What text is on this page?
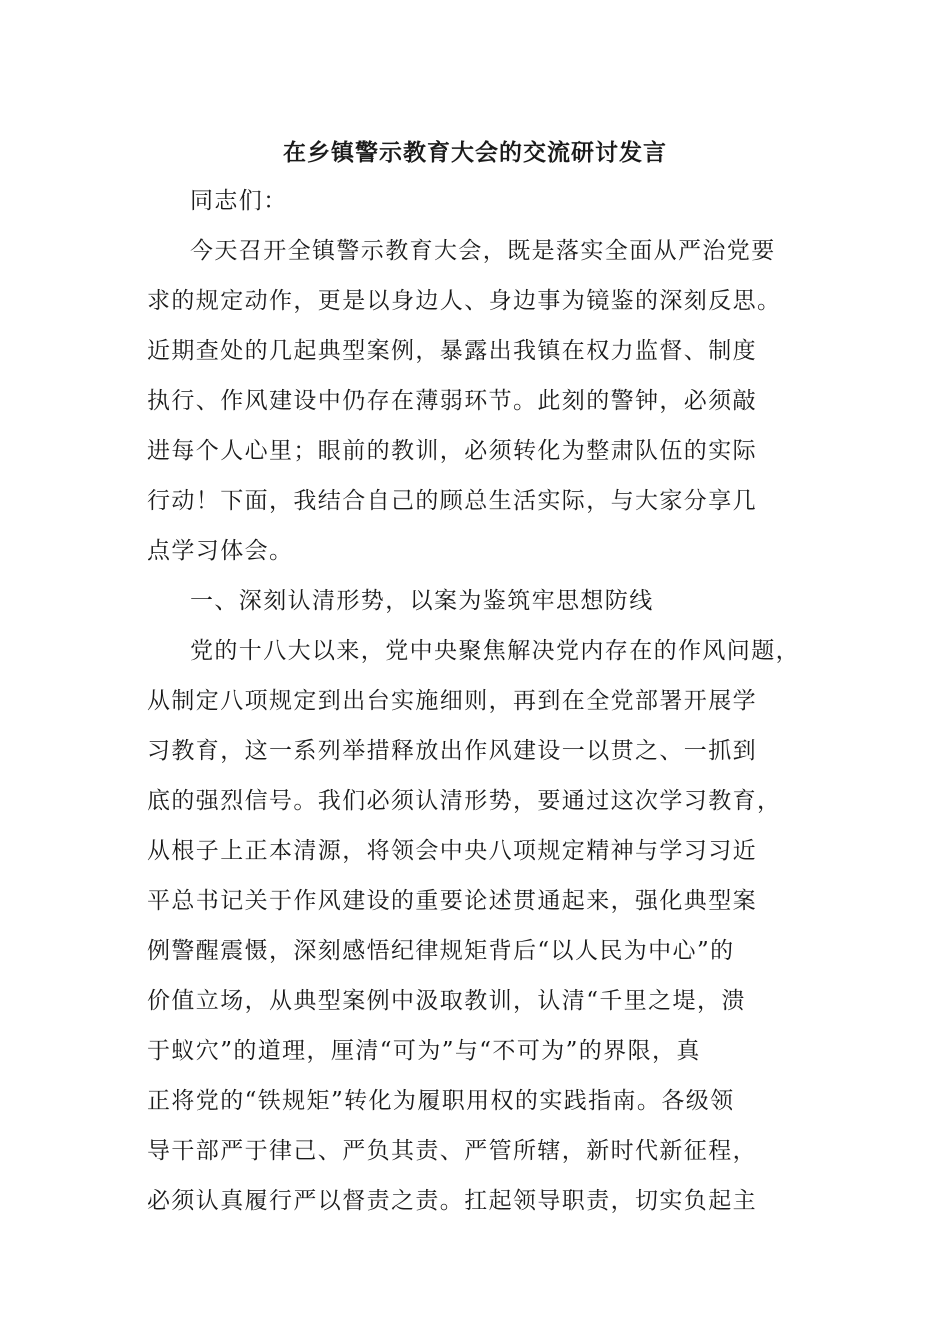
在乡镇警示教育大会的交流研讨发言
同志们：
今天召开全镇警示教育大会，既是落实全面从严治党要
求的规定动作，更是以身边人、身边事为镜鉴的深刻反思。
近期查处的几起典型案例，暴露出我镇在权力监督、制度
执行、作风建设中仍存在薄弱环节。此刻的警钟，必须敲
进每个人心里；眼前的教训，必须转化为整肃队伍的实际
行动！下面，我结合自己的顾总生活实际，与大家分享几
点学习体会。
一、深刻认清形势，以案为鉴筑牢思想防线
党的十八大以来，党中央聚焦解决党内存在的作风问题，
从制定八项规定到出台实施细则，再到在全党部署开展学
习教育，这一系列举措释放出作风建设一以贯之、一抓到
底的强烈信号。我们必须认清形势，要通过这次学习教育，
从根子上正本清源，将领会中央八项规定精神与学习习近
平总书记关于作风建设的重要论述贯通起来，强化典型案
例警醒震慑，深刻感悟纪律规矩背后“以人民为中心”的
价值立场，从典型案例中汲取教训，认清“千里之堤，溃
于蚁穴”的道理，厘清“可为”与“不可为”的界限，真
正将党的“铁规矩”转化为履职用权的实践指南。各级领
导干部严于律己、严负其责、严管所辖，新时代新征程，
必须认真履行严以督责之责。扛起领导职责，切实负起主
